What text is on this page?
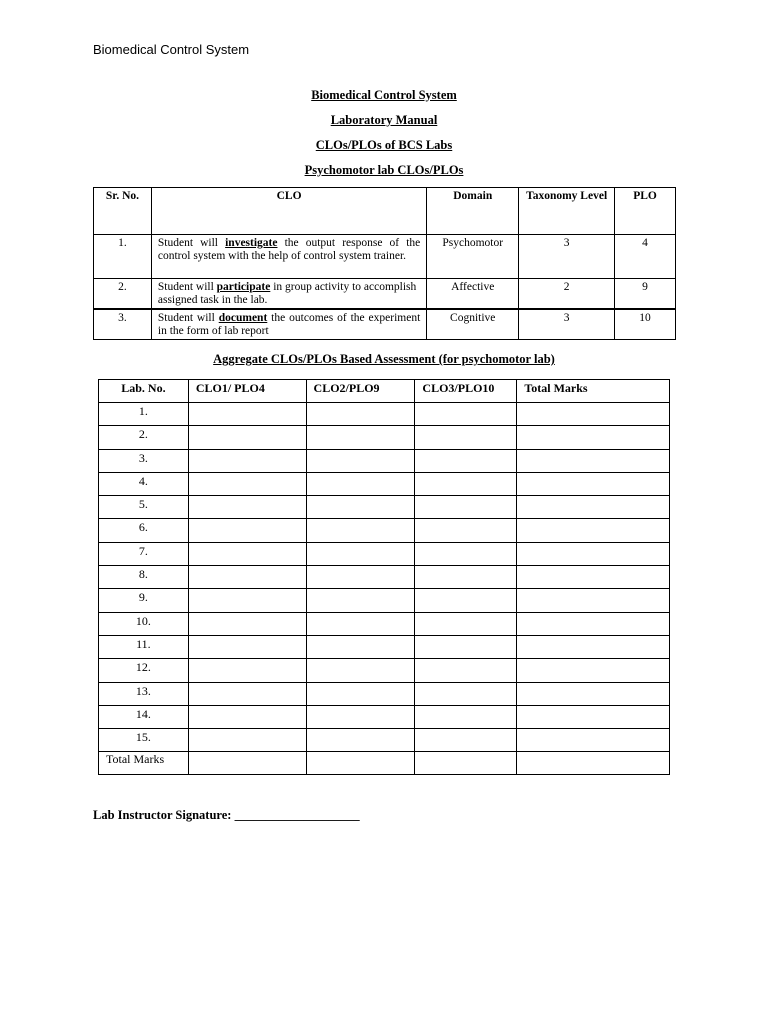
Biomedical Control System
Biomedical Control System
Laboratory Manual
CLOs/PLOs of BCS Labs
Psychomotor lab CLOs/PLOs
Sr. No.	CLO	Domain	Taxonomy Level	PLO
1.	Student will investigate the output response of the control system with the help of control system trainer.	Psychomotor	3	4
2.	Student will participate in group activity to accomplish assigned task in the lab.	Affective	2	9
3.	Student will document the outcomes of the experiment in the form of lab report	Cognitive	3	10
Aggregate CLOs/PLOs Based Assessment (for psychomotor lab)
Lab. No.	CLO1/ PLO4	CLO2/PLO9	CLO3/PLO10	Total Marks
1.				
2.				
3.				
4.				
5.				
6.				
7.				
8.				
9.				
10.				
11.				
12.				
13.				
14.				
15.				
Total Marks				
Lab Instructor Signature: ____________________
